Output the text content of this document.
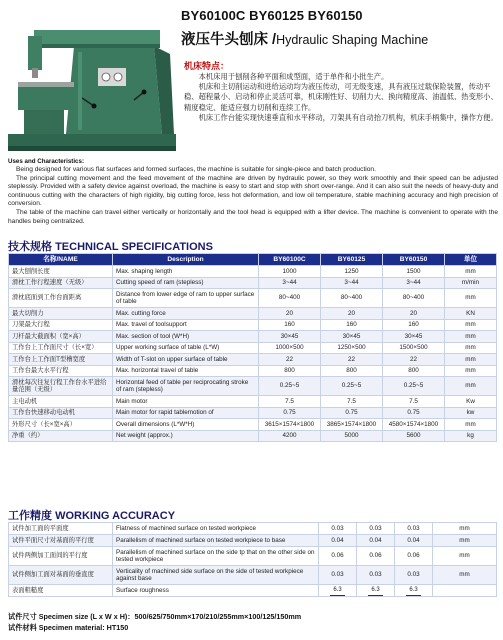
BY60100C BY60125 BY60150
液压牛头刨床 /Hydraulic Shaping Machine
机床特点：

本机床用于刨削各种平面和成型面，适于单件和小批生产。

机床和主切削运动和进给运动均为液压传动，可无级变速，具有液压过载保险装置，传动平稳、超程量小、启动和停止灵活可靠，机床刚性好、切削力大、换向精度高、油温低、热变形小、精度稳定、能适应强力切削和连续工作。

机床工作台能实现快速垂直和水平移动，刀架具有自动抬刀机构，机床手柄集中，操作方便。

Uses and Characteristics:

Being designed for various flat surfaces and formed surfaces, the machine is suitable for single-piece and batch production.

The principal cutting movement and the feed movement of the machine are driven by hydraulic power, so they work smoothly and their speed can be adjusted steplessly. Provided with a safety device against overload, the machine is easy to start and stop with short over-range. And it can also suit the needs of heavy-duty and continuous cutting with the characters of high rigidity, big cutting force, less hot deformation, and low oil temperature, stable machining accuracy and high precision of conversion.

The table of the machine can travel either vertically or horizontally and the tool head is equipped with a lifter device. The machine is convenient to operate with the handles being centralized.

技术规格 TECHNICAL SPECIFICATIONS
名称/NAME	Description	BY60100C	BY60125	BY60150	单位
最大刨削长度	Max. shaping length	1000	1250	1500	mm
滑枕工作行程速度（无级）	Cutting speed of ram (stepless)	3~44	3~44	3~44	m/min
滑枕底面到工作台面距离	Distance from lower edge of ram to upper surface of table	80~400	80~400	80~400	mm
最大切削力	Max. cutting force	20	20	20	KN
刀架最大行程	Max. travel of toolsupport	160	160	160	mm
刀杆最大截面积（宽×高）	Max. section of tool (W*H)	30×45	30×45	30×45	mm
工作台上工作面尺寸（长×宽）	Upper working surface of table (L*W)	1000×500	1250×500	1500×500	mm
工作台上工作面T型槽宽度	Width of T-slot on upper surface of table	22	22	22	mm
工作台最大水平行程	Max. horizontal travel of table	800	800	800	mm
滑枕每次往复行程工作台水平进给量范围（无级）	Horizontal feed of table per reciprocating stroke of ram (stepless)	0.25~5	0.25~5	0.25~5	mm
主电动机	Main motor	7.5	7.5	7.5	Kw
工作台快速移动电动机	Main motor for rapid tablemotion of	0.75	0.75	0.75	kw
外形尺寸（长×宽×高）	Overall dimensions (L*W*H)	3615×1574×1800	3865×1574×1800	4580×1574×1800	mm
净重（约）	Net weight (approx.)	4200	5000	5600	kg
工作精度 WORKING ACCURACY
试件加工面的平面度	Flatness of machined surface on tested workpiece	0.03	0.03	0.03	mm
试件平面尺寸对基面的平行度	Parallelism of machined surface on tested workpiece to base	0.04	0.04	0.04	mm
试件两侧加工面间的平行度	Parallelism of machined surface on the side tp that on the other side on tested workpiece	0.06	0.06	0.06	mm
试件侧加工面对基面的垂直度	Verticality of machined side surface on the side of tested workpiece against base	0.03	0.03	0.03	mm
表面粗糙度	Surface roughness	6.3	6.3	6.3	
试件尺寸 Specimen size (L x W x H)：500/625/750mm×170/210/255mm×100/125/150mm
试件材料 Specimen material: HT150
